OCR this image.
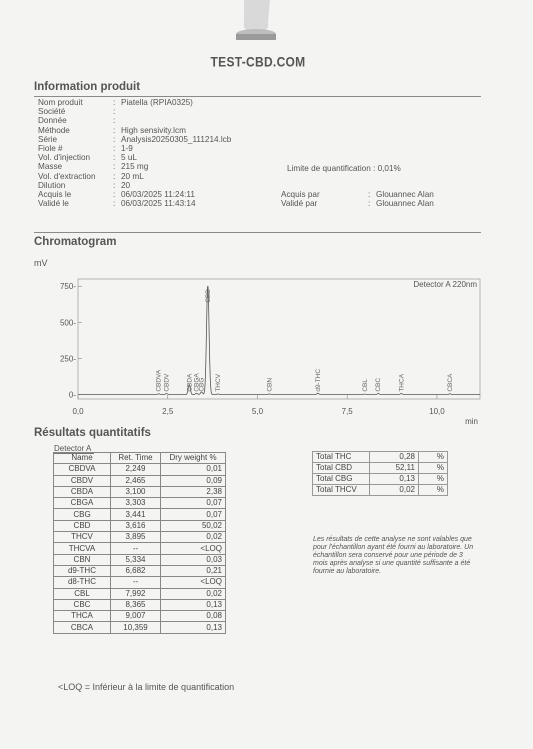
TEST-CBD.COM
Information produit
Nom produit	: Piatella (RPIA0325)
Société	:
Donnée	:
Méthode	: High sensivity.lcm
Série	: Analysis20250305_111214.lcb
Fiole #	: 1-9
Vol. d'injection	: 5 uL
Masse	: 215 mg
Vol. d'extraction	: 20 mL
Dilution	: 20
Acquis le	: 06/03/2025 11:24:11	Acquis par	: Glouannec Alan
Validé le	: 06/03/2025 11:43:14	Validé par	: Glouannec Alan
Limite de quantification : 0,01%
Chromatogram
mV
Detector A 220nm
min
0-
250-
500-
750-
0,0	2,5	5,0	7,5	10,0
CBDVA CBDV CBDA CBGA
CBG
CBD
THCV	CBN	d9-THC	CBL CBC THCA	CBCA
Résultats quantitatifs
Detector A
Name	Ret. Time	Dry weight %
CBDVA	2,249	0,01
CBDV	2,465	0,09
CBDA	3,100	2,38
CBGA	3,303	0,07
CBG	3,441	0,07
CBD	3,616	50,02
THCV	3,895	0,02
THCVA	--	<LOQ
CBN	5,334	0,03
d9-THC	6,682	0,21
d8-THC	--	<LOQ
CBL	7,992	0,02
CBC	8,365	0,13
THCA	9,007	0,08
CBCA	10,359	0,13
Total THC	0,28	%
Total CBD	52,11	%
Total CBG	0,13	%
Total THCV	0,02	%
Les résultats de cette analyse ne sont valables que pour l'échantillon ayant été fourni au laboratoire. Un échantillon sera conservé pour une période de 3 mois après analyse si une quantité suffisante a été fournie au laboratoire.
<LOQ = Inférieur à la limite de quantification
